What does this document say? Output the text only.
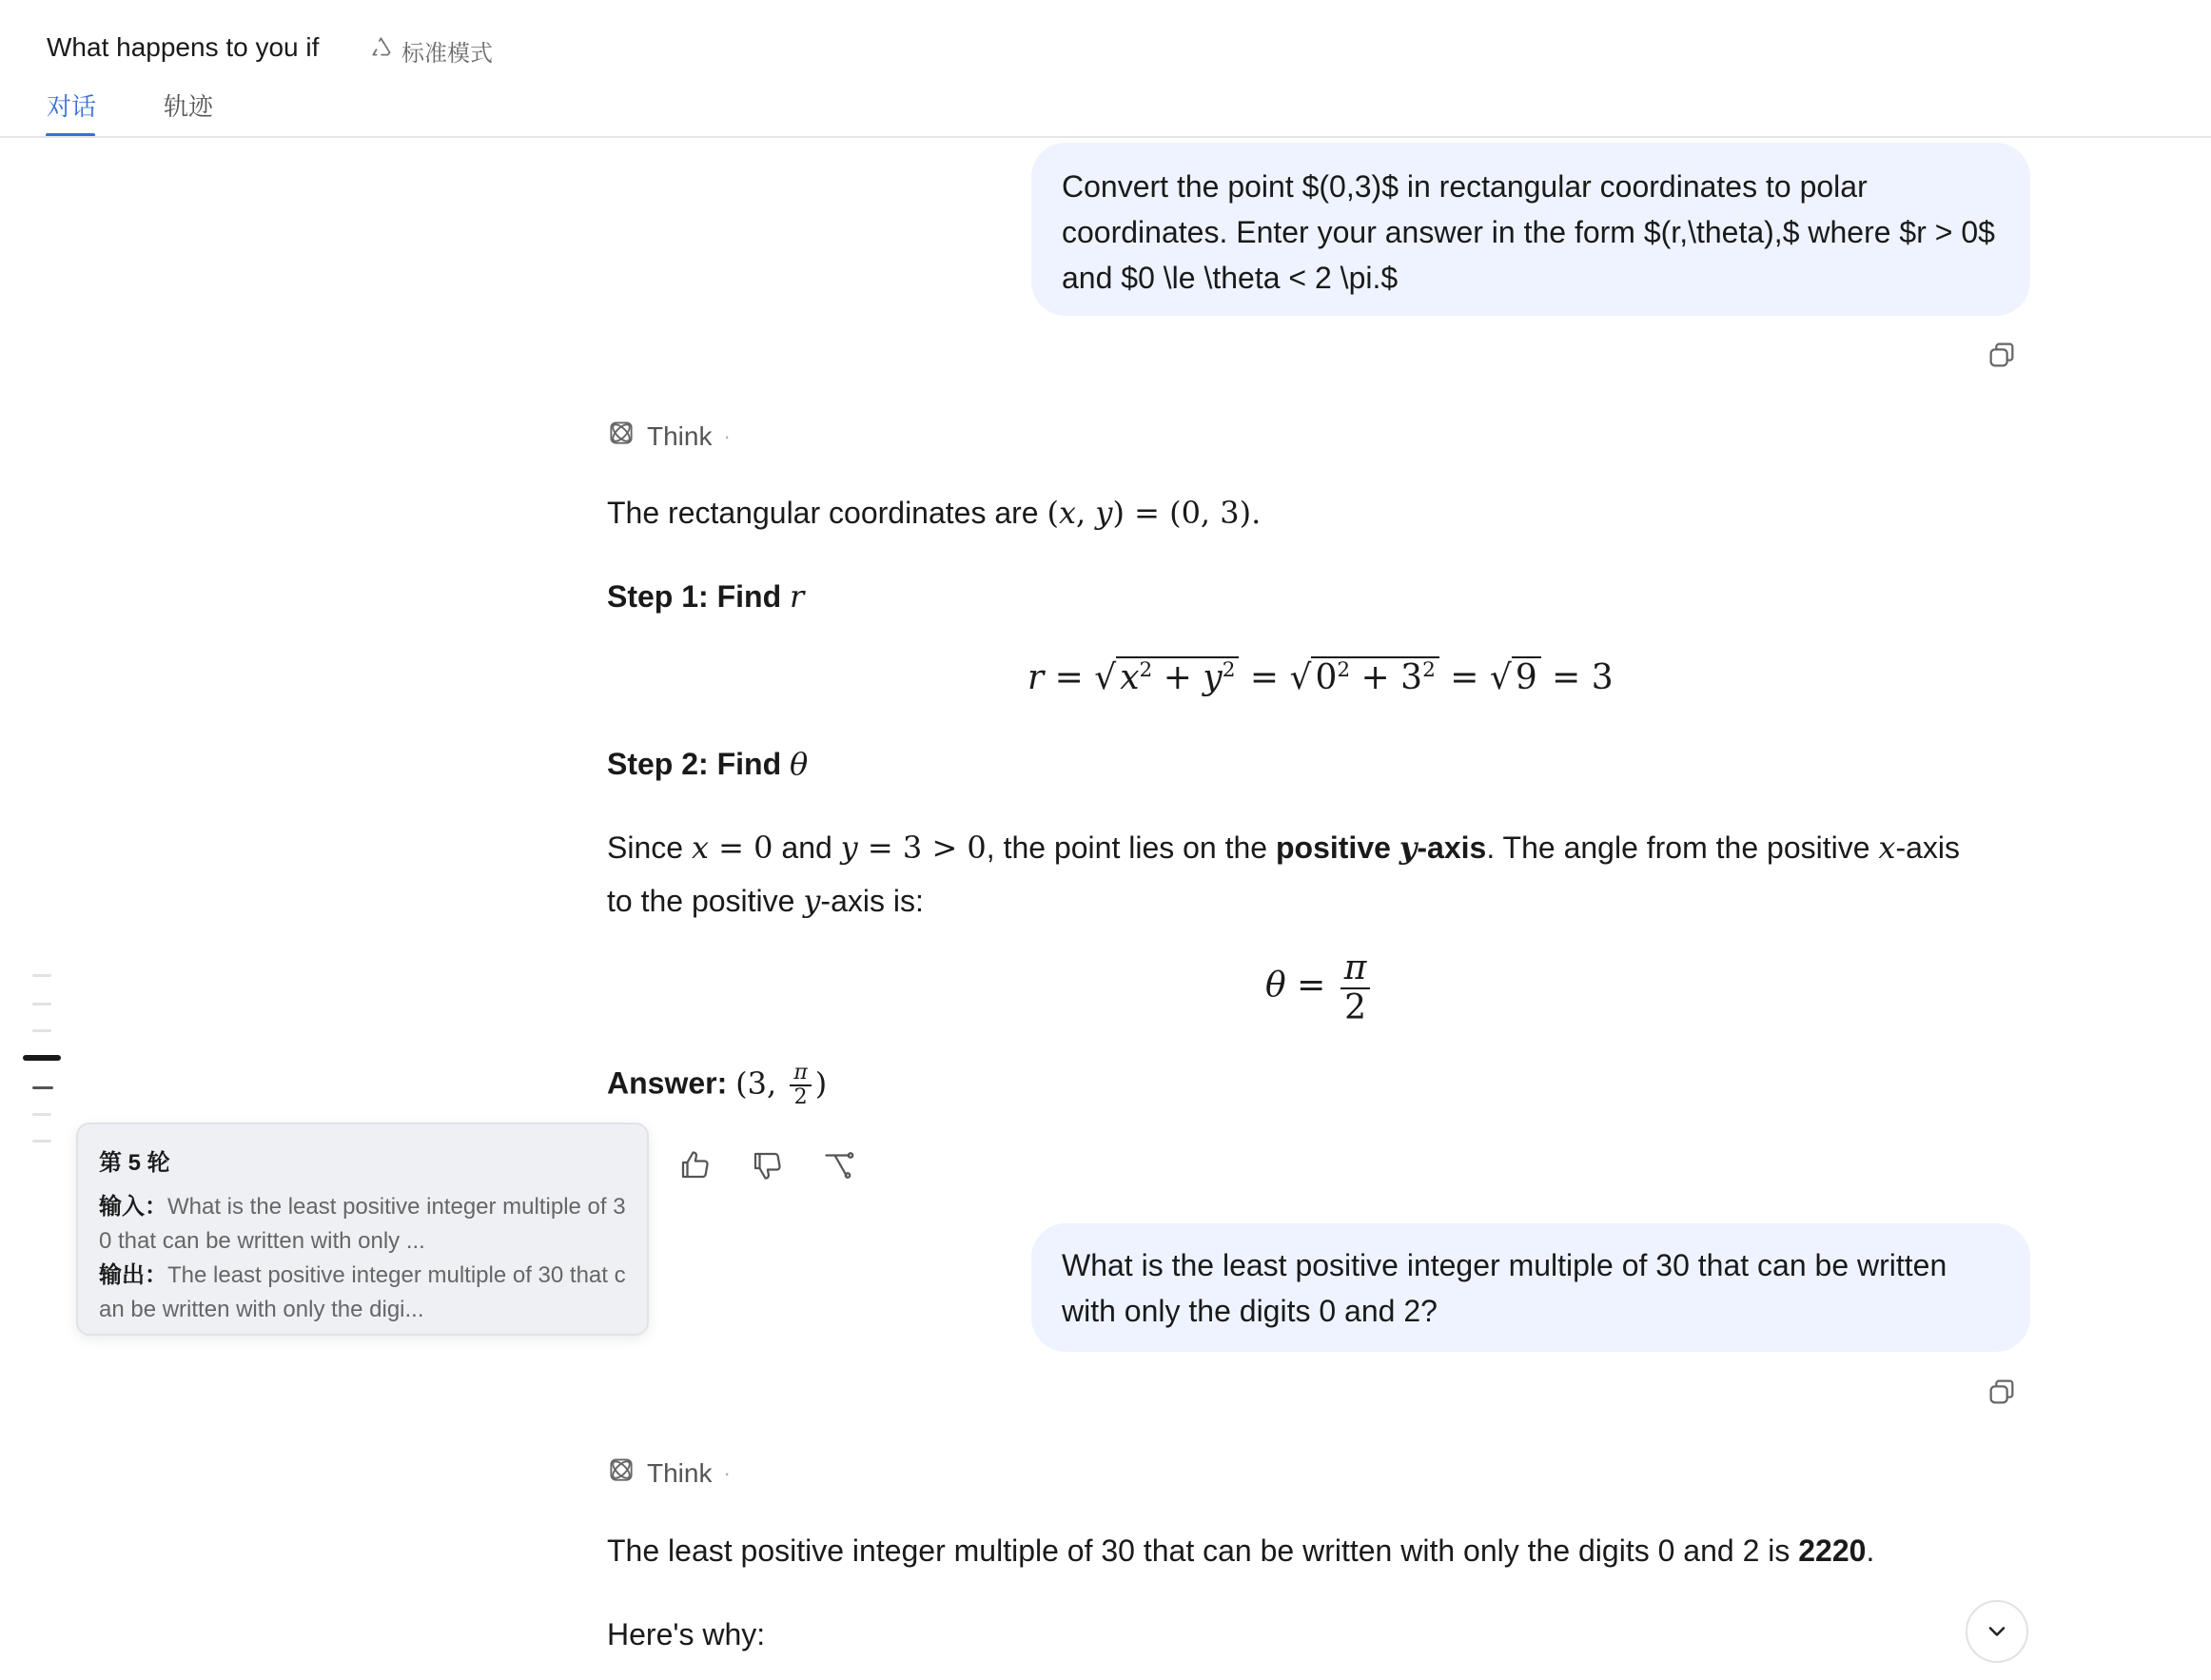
What happens to you if	标准模式
对话	轨迹
Convert the point $(0,3)$ in rectangular coordinates to polar coordinates. Enter your answer in the form $(r,\theta),$ where $r > 0$ and $0 \le \theta < 2 \pi.$
Think ·
The rectangular coordinates are (x, y) = (0, 3).
Step 1: Find r
r = √ $x^2 + y^2$ = √ $0^2 + 3^2$ = √ 9 = 3
Step 2: Find θ
Since x = 0 and y = 3 > 0, the point lies on the positive y-axis. The angle from the positive x-axis
to the positive y-axis is:
$\theta = \frac{\pi}{2}$
Answer: (3, $\frac{\pi}{2}$ )
What is the least positive integer multiple of 30 that can be written with only the digits 0 and 2?
Think ·
The least positive integer multiple of 30 that can be written with only the digits 0 and 2 is 2220.
Here's why:
第 5 轮
输入：What is the least positive integer multiple of 30 that can be written with only ...
输出：The least positive integer multiple of 30 that can be written with only the digi...
